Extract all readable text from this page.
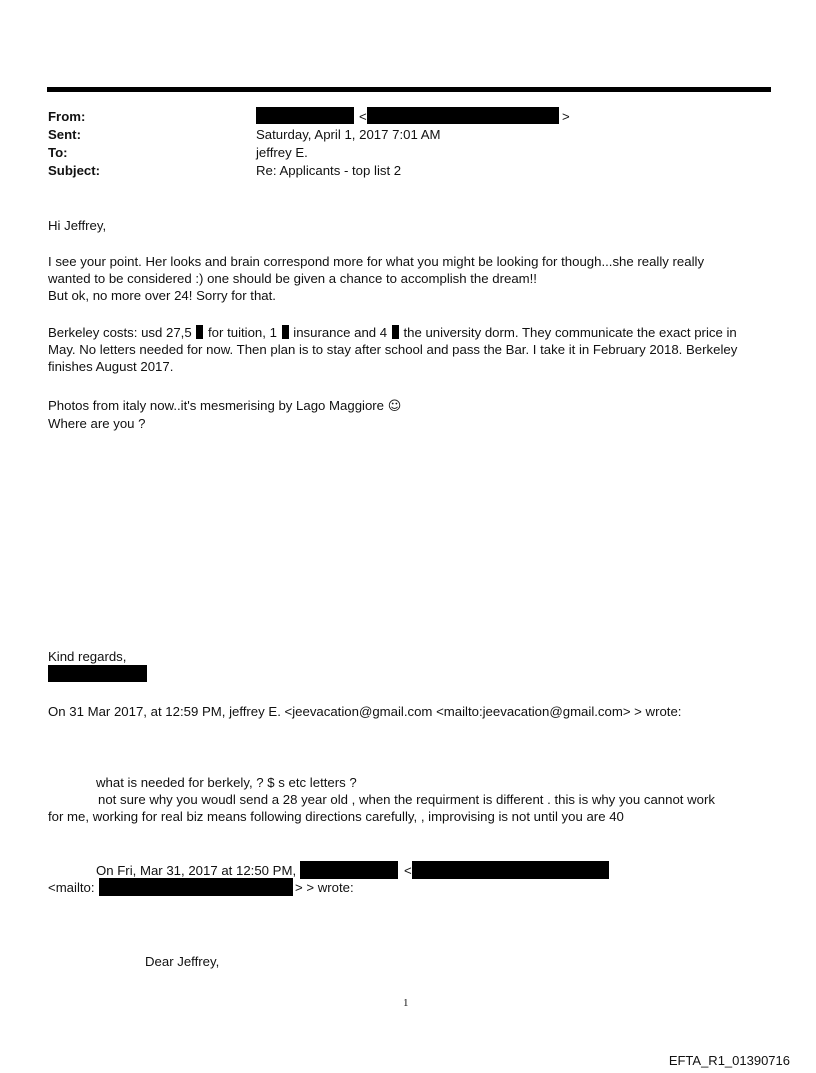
From:	<	>
Sent:	Saturday, April 1, 2017 7:01 AM
To:	jeffrey E.
Subject:	Re: Applicants - top list 2
Hi Jeffrey,

I see your point. Her looks and brain correspond more for what you might be looking for though...she really really

wanted to be considered :) one should be given a chance to accomplish the dream!!

But ok, no more over 24! Sorry for that.

Berkeley costs: usd 27,5 for tuition, 1 insurance and 4 the university dorm. They communicate the exact price in

May. No letters needed for now. Then plan is to stay after school and pass the Bar. I take it in February 2018. Berkeley

finishes August 2017.

Photos from italy now..it's mesmerising by Lago Maggiore ☺

Where are you ?

Kind regards,
On 31 Mar 2017, at 12:59 PM, jeffrey E. <jeevacation@gmail.com <mailto:jeevacation@gmail.com> > wrote:
what is needed for berkely, ? $ s etc letters ?
not sure why you woudl send a 28 year old , when the requirment is different . this is why you cannot work
for me, working for real biz means following directions carefully, , improvising is not until you are 40
On Fri, Mar 31, 2017 at 12:50 PM,	<
<mailto:	> > wrote:
Dear Jeffrey,
1
EFTA_R1_01390716
